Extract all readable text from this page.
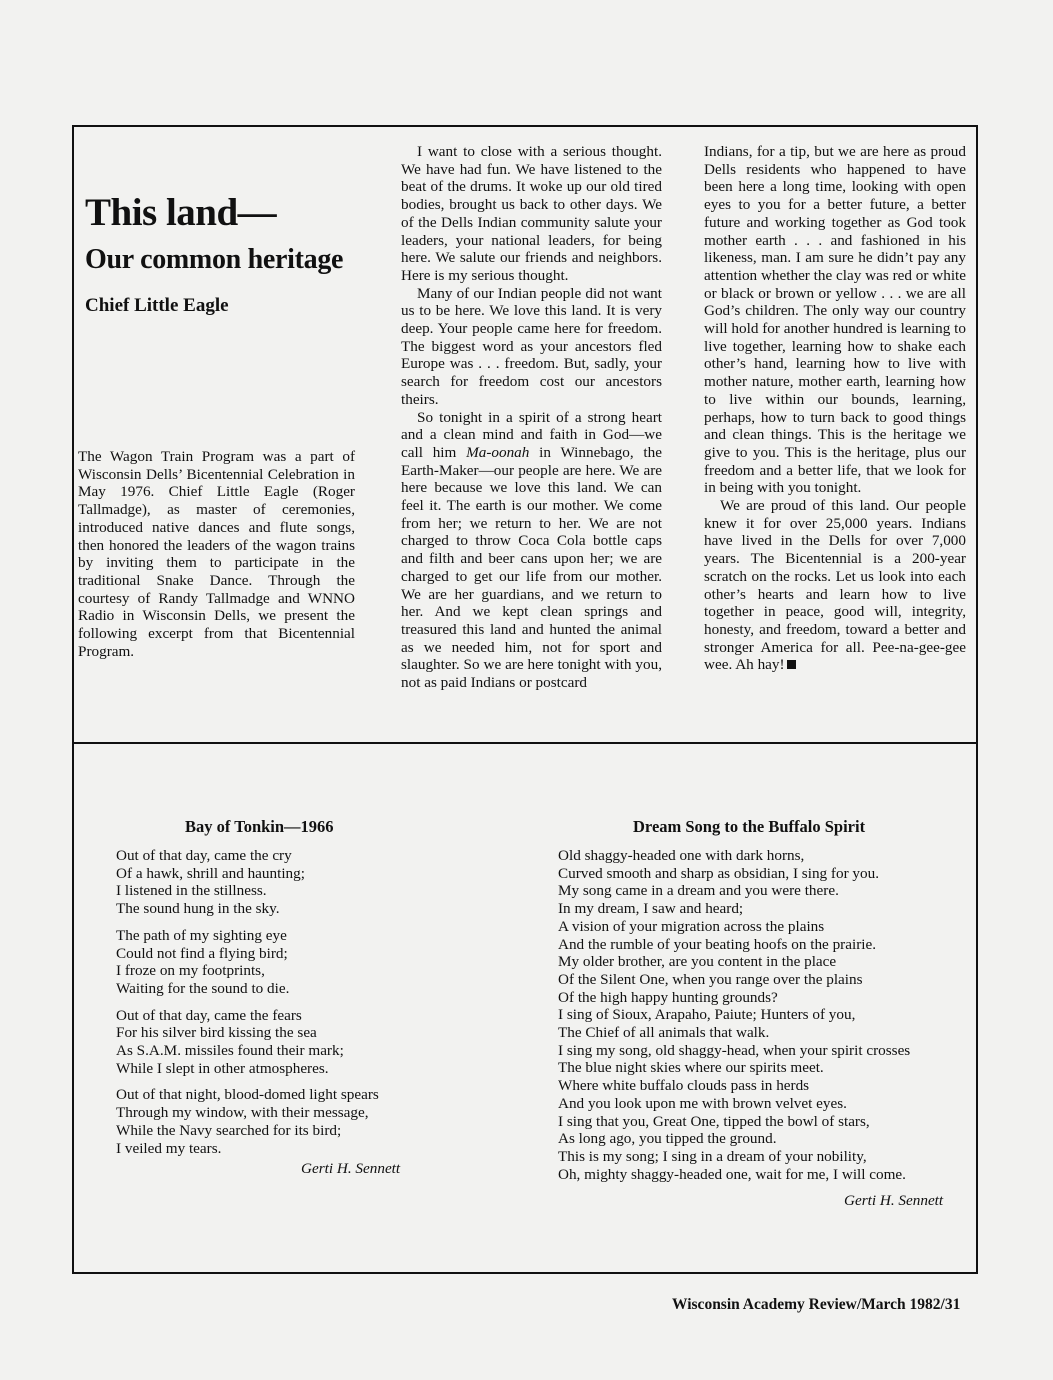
This land—
Our common heritage
Chief Little Eagle

The Wagon Train Program was a part of Wisconsin Dells’ Bicentennial Celebration in May 1976. Chief Little Eagle (Roger Tallmadge), as master of ceremonies, introduced native dances and flute songs, then honored the leaders of the wagon trains by inviting them to participate in the traditional Snake Dance. Through the courtesy of Randy Tallmadge and WNNO Radio in Wisconsin Dells, we present the following excerpt from that Bicentennial Program.

I want to close with a serious thought. We have had fun. We have listened to the beat of the drums. It woke up our old tired bodies, brought us back to other days. We of the Dells Indian community salute your leaders, your national leaders, for being here. We salute our friends and neighbors. Here is my serious thought.

Many of our Indian people did not want us to be here. We love this land. It is very deep. Your people came here for freedom. The biggest word as your ancestors fled Europe was . . . freedom. But, sadly, your search for freedom cost our ancestors theirs.

So tonight in a spirit of a strong heart and a clean mind and faith in God—we call him Ma-oonah in Winnebago, the Earth-Maker—our people are here. We are here because we love this land. We can feel it. The earth is our mother. We come from her; we return to her. We are not charged to throw Coca Cola bottle caps and filth and beer cans upon her; we are charged to get our life from our mother. We are her guardians, and we return to her. And we kept clean springs and treasured this land and hunted the animal as we needed him, not for sport and slaughter. So we are here tonight with you, not as paid Indians or postcard

Indians, for a tip, but we are here as proud Dells residents who happened to have been here a long time, looking with open eyes to you for a better future, a better future and working together as God took mother earth . . . and fashioned in his likeness, man. I am sure he didn’t pay any attention whether the clay was red or white or black or brown or yellow . . . we are all God’s children. The only way our country will hold for another hundred is learning to live together, learning how to shake each other’s hand, learning how to live with mother nature, mother earth, learning how to live within our bounds, learning, perhaps, how to turn back to good things and clean things. This is the heritage we give to you. This is the heritage, plus our freedom and a better life, that we look for in being with you tonight.

We are proud of this land. Our people knew it for over 25,000 years. Indians have lived in the Dells for over 7,000 years. The Bicentennial is a 200-year scratch on the rocks. Let us look into each other’s hearts and learn how to live together in peace, good will, integrity, honesty, and freedom, toward a better and stronger America for all. Pee-na-gee-gee wee. Ah hay!

Bay of Tonkin—1966
Out of that day, came the cry
Of a hawk, shrill and haunting;
I listened in the stillness.
The sound hung in the sky.
The path of my sighting eye
Could not find a flying bird;
I froze on my footprints,
Waiting for the sound to die.
Out of that day, came the fears
For his silver bird kissing the sea
As S.A.M. missiles found their mark;
While I slept in other atmospheres.
Out of that night, blood-domed light spears
Through my window, with their message,
While the Navy searched for its bird;
I veiled my tears.
Gerti H. Sennett
Dream Song to the Buffalo Spirit
Old shaggy-headed one with dark horns,
Curved smooth and sharp as obsidian, I sing for you.
My song came in a dream and you were there.
In my dream, I saw and heard;
A vision of your migration across the plains
And the rumble of your beating hoofs on the prairie.
My older brother, are you content in the place
Of the Silent One, when you range over the plains
Of the high happy hunting grounds?
I sing of Sioux, Arapaho, Paiute; Hunters of you,
The Chief of all animals that walk.
I sing my song, old shaggy-head, when your spirit crosses
The blue night skies where our spirits meet.
Where white buffalo clouds pass in herds
And you look upon me with brown velvet eyes.
I sing that you, Great One, tipped the bowl of stars,
As long ago, you tipped the ground.
This is my song; I sing in a dream of your nobility,
Oh, mighty shaggy-headed one, wait for me, I will come.
Gerti H. Sennett
Wisconsin Academy Review/March 1982/31
